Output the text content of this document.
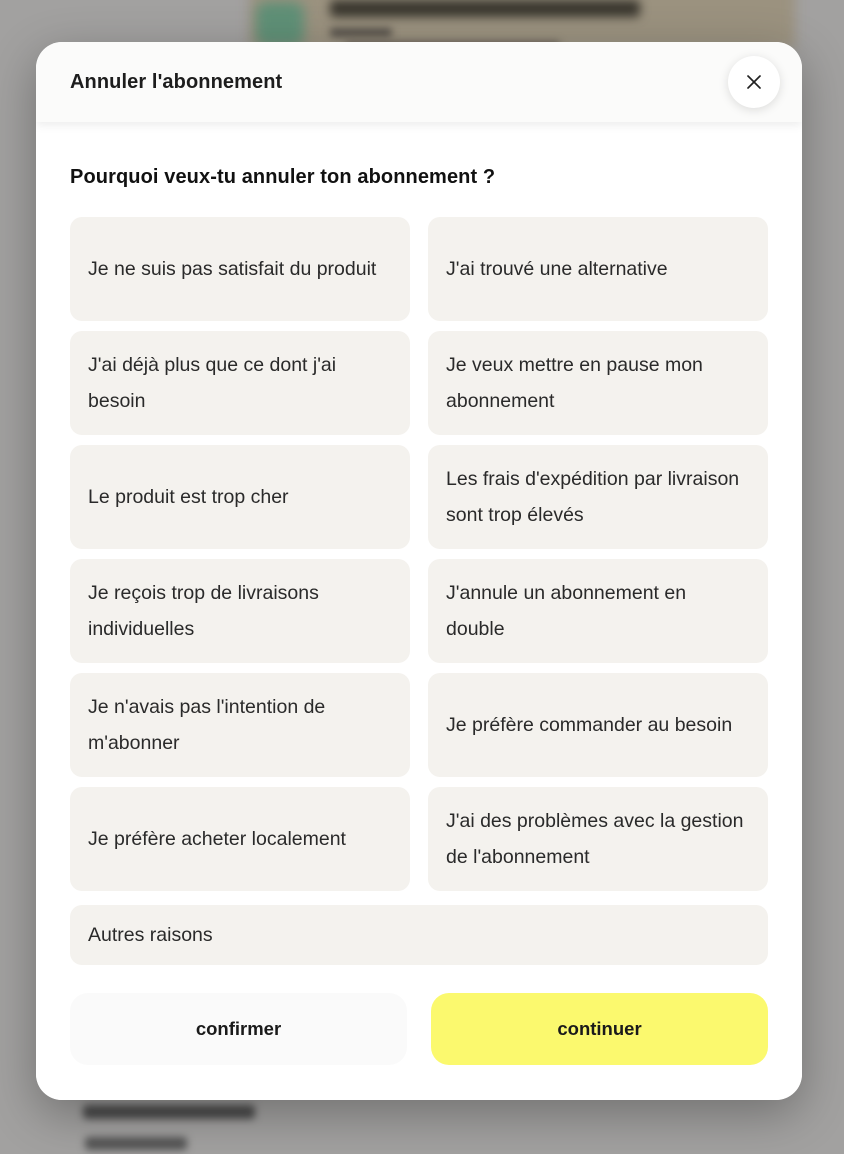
Annuler l'abonnement
Pourquoi veux-tu annuler ton abonnement ?
Je ne suis pas satisfait du produit	J'ai trouvé une alternative
J'ai déjà plus que ce dont j'ai besoin
Je veux mettre en pause mon abonnement
Le produit est trop cher
Les frais d'expédition par livraison sont trop élevés
Je reçois trop de livraisons individuelles
J'annule un abonnement en double
Je n'avais pas l'intention de m'abonner
Je préfère commander au besoin
Je préfère acheter localement
J'ai des problèmes avec la gestion de l'abonnement
Autres raisons
confirmer	continuer
